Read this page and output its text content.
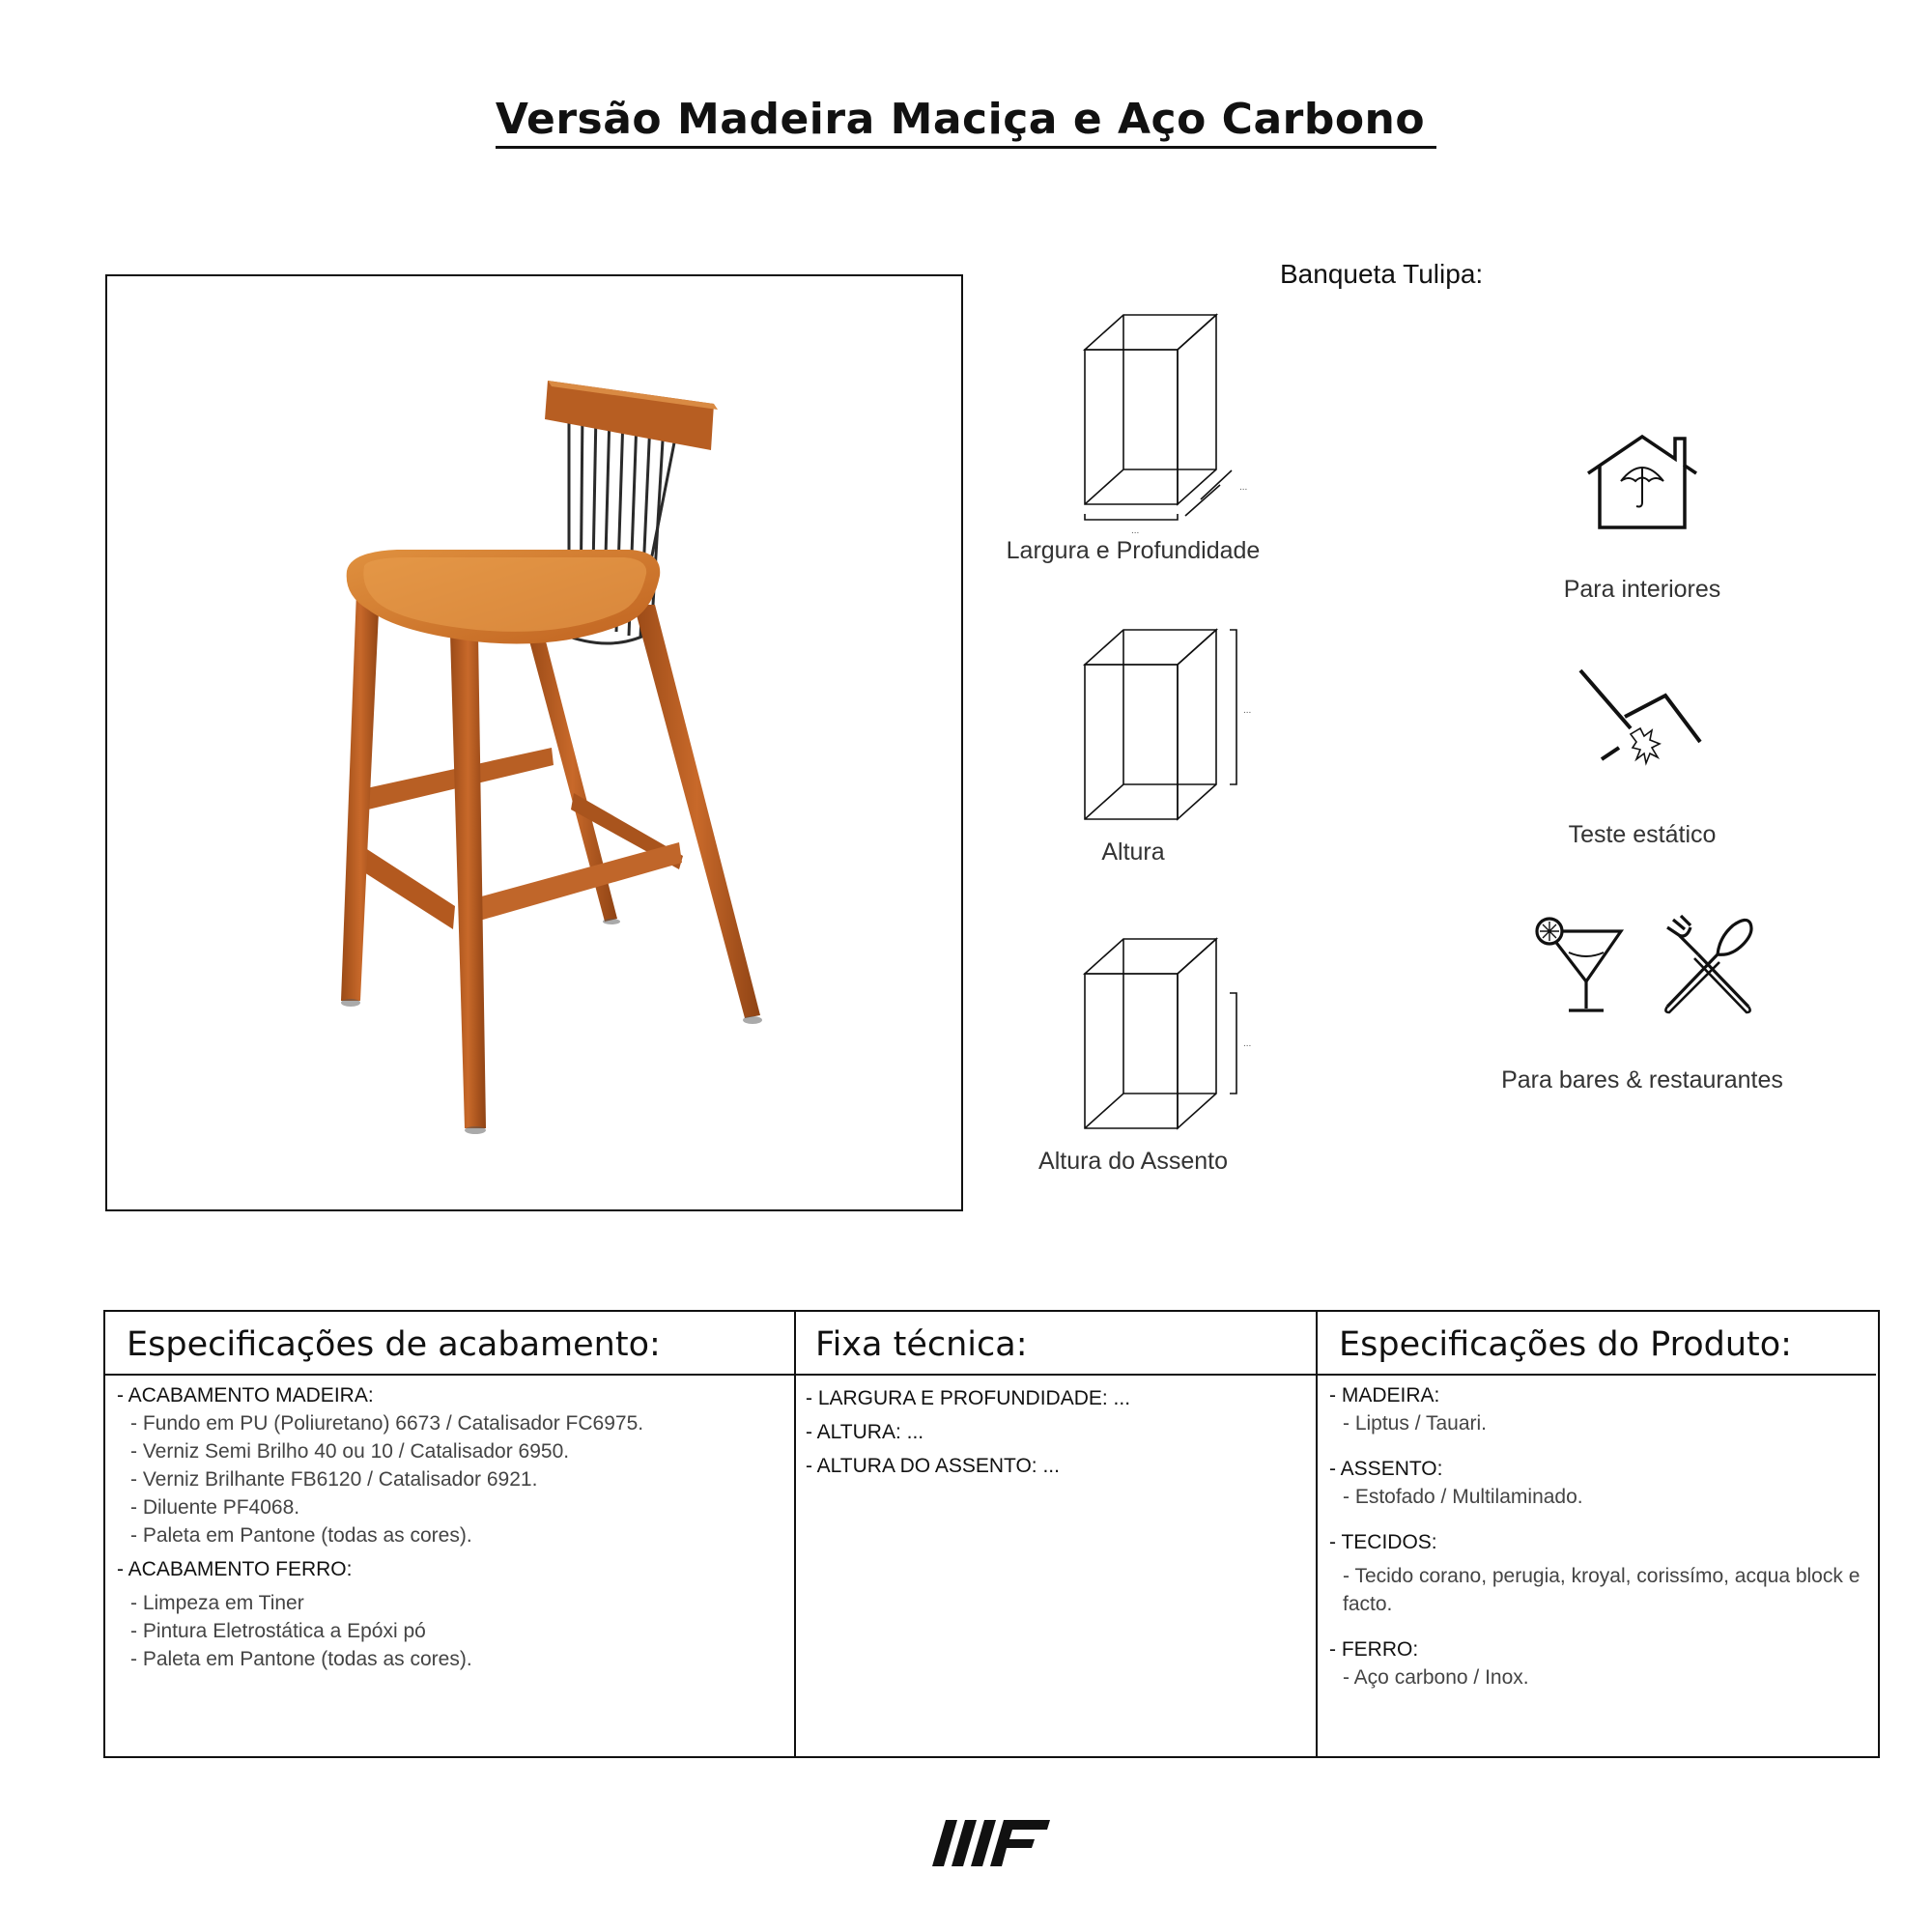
Versão Madeira Maciça e Aço Carbono
Banqueta Tulipa:
...
...
Largura e Profundidade
...
Altura
...
Altura do Assento
Para interiores
Teste estático
Para bares & restaurantes
Especificações de acabamento:
- ACABAMENTO MADEIRA:
- Fundo em PU (Poliuretano) 6673 / Catalisador FC6975.
- Verniz Semi Brilho 40 ou 10 / Catalisador 6950.
- Verniz Brilhante FB6120 / Catalisador 6921.
- Diluente PF4068.
- Paleta em Pantone (todas as cores).
- ACABAMENTO FERRO:
- Limpeza em Tiner
- Pintura Eletrostática a Epóxi pó
- Paleta em Pantone (todas as cores).
Fixa técnica:
- LARGURA E PROFUNDIDADE: ...
- ALTURA: ...
- ALTURA DO ASSENTO: ...
Especificações do Produto:
- MADEIRA:
- Liptus / Tauari.
- ASSENTO:
- Estofado / Multilaminado.
- TECIDOS:
- Tecido corano, perugia, kroyal, corissímo, acqua block e facto.
- FERRO:
- Aço carbono / Inox.
